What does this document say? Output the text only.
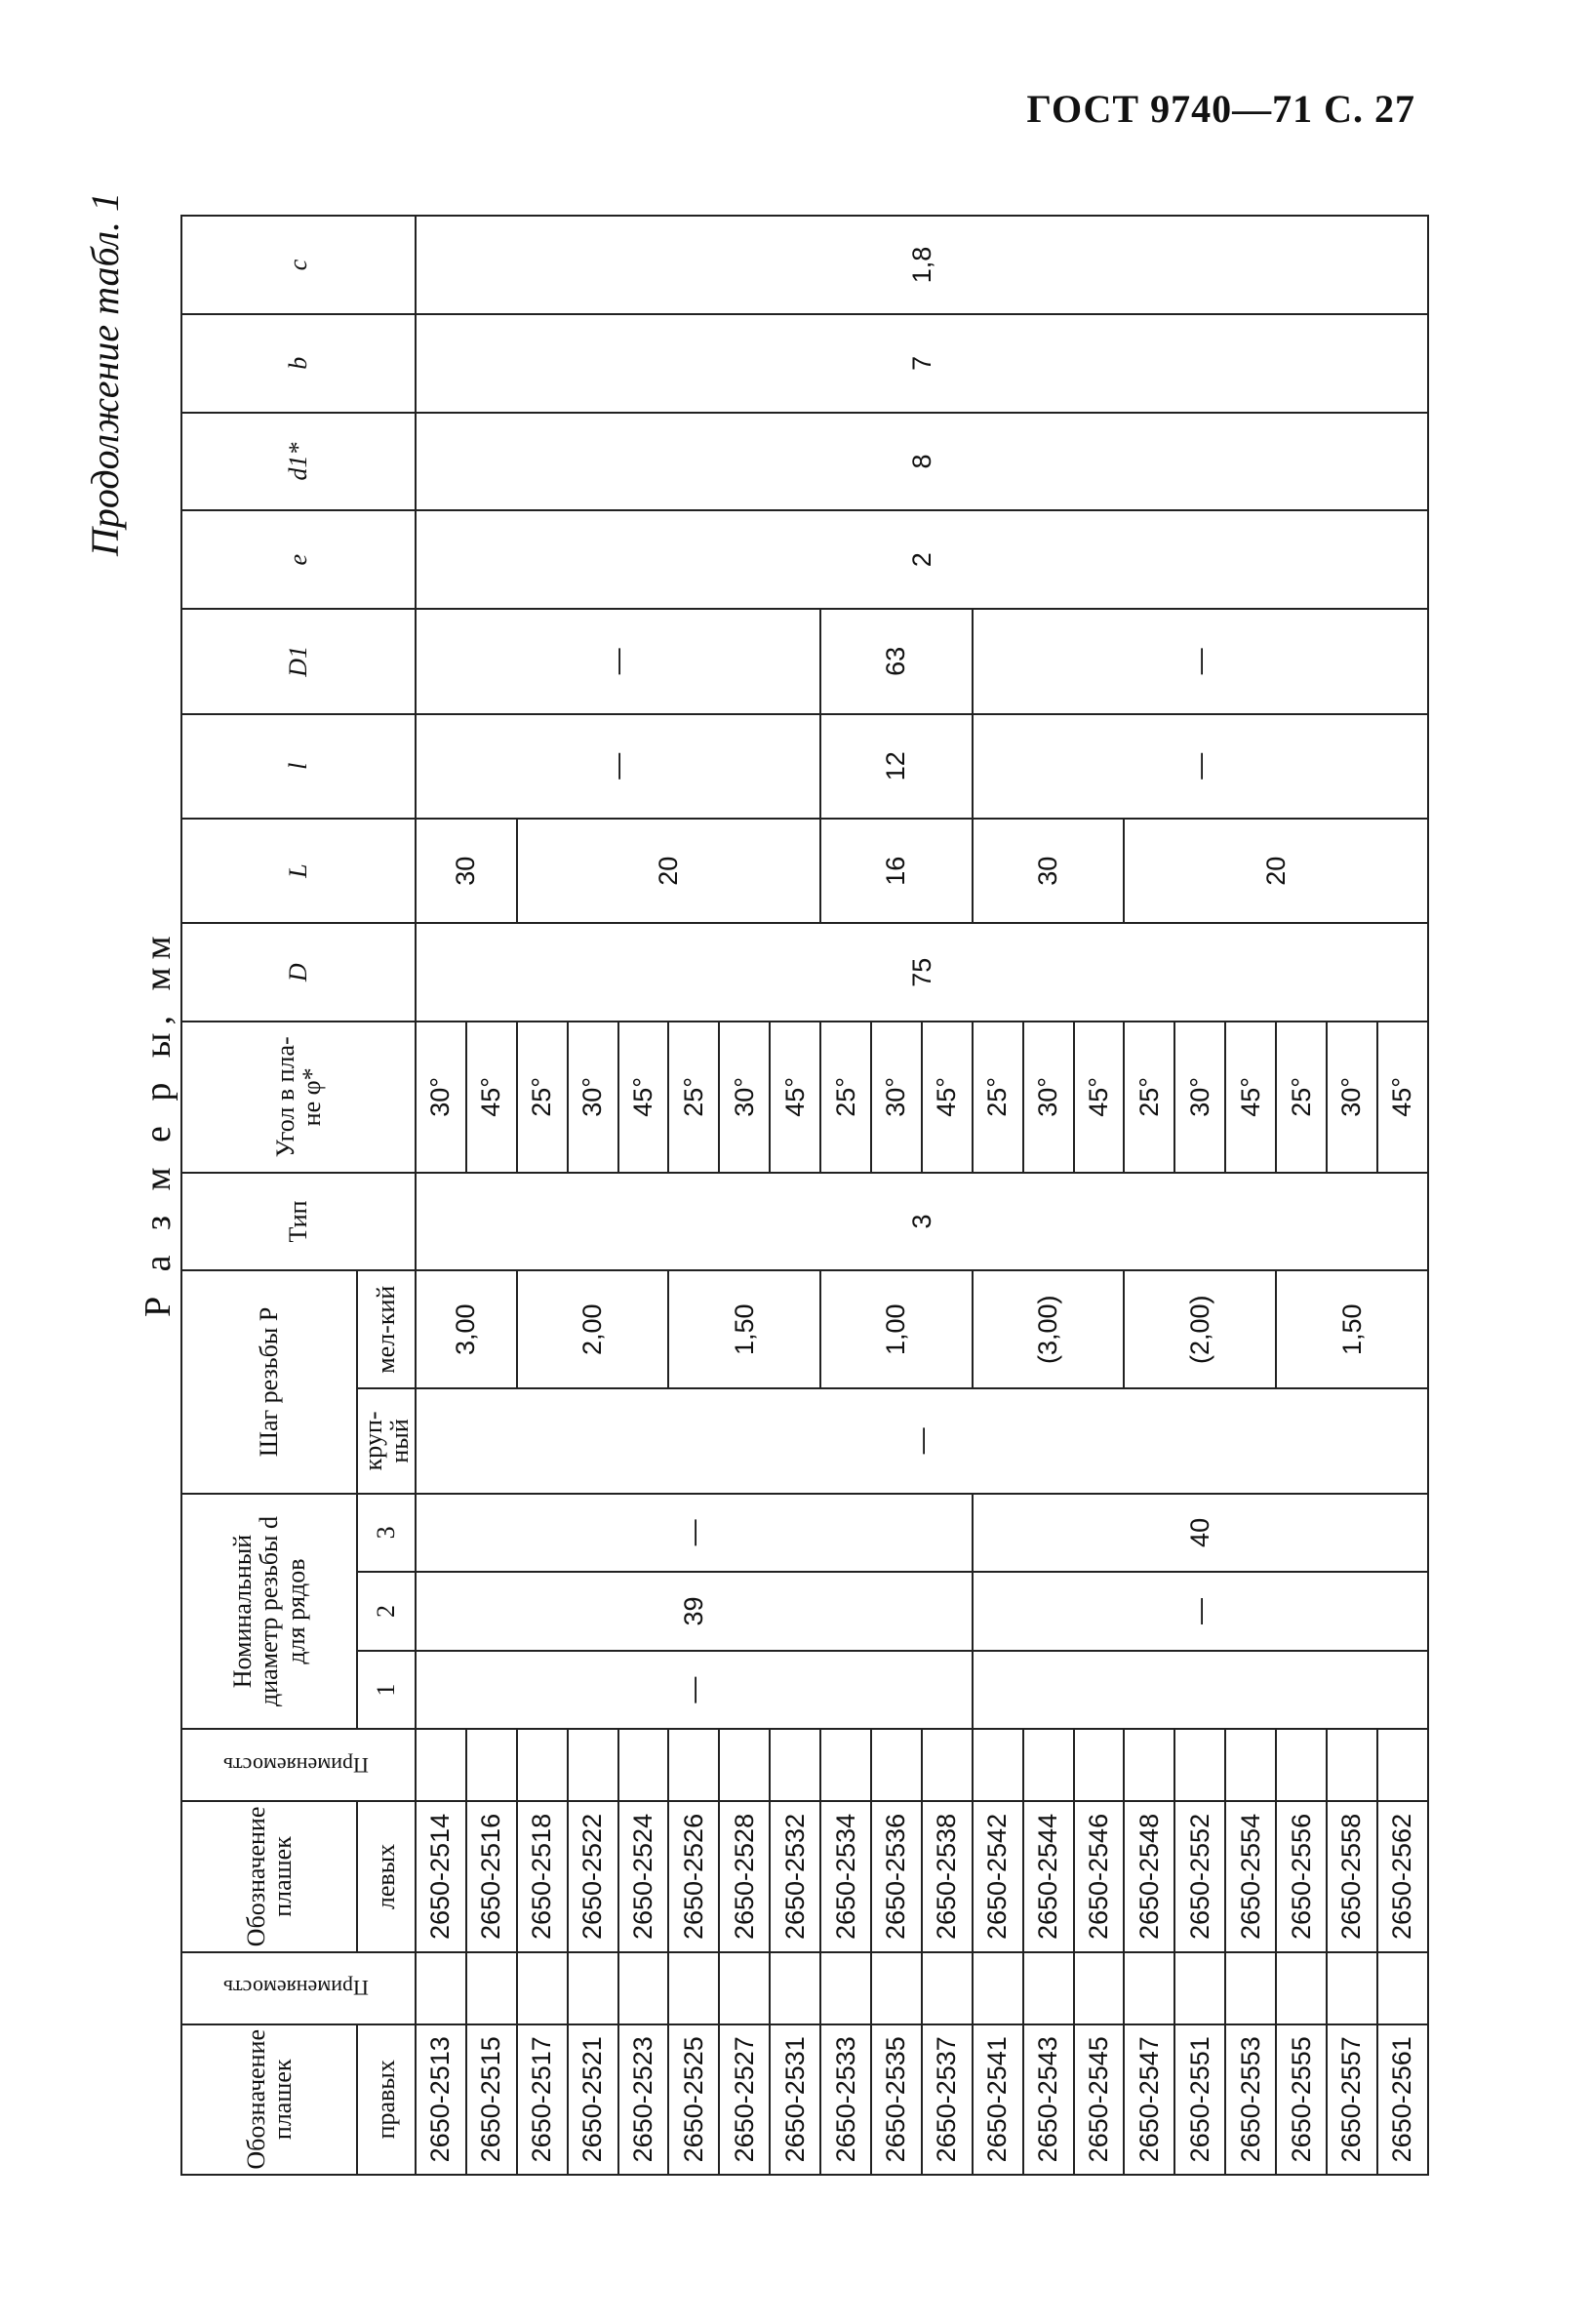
ГОСТ 9740—71 С. 27
Продолжение табл. 1
Р а з м е р ы, мм
Обозначение плашек	Применяемость	Обозначение плашек	Применяемость	Номинальный диаметр резьбы d для рядов			Шаг резьбы P		Тип	Угол в пла-не φ*	D	L	l	D1	e	d1*	b	c
правых		левых		1	2	3	круп-ный	мел-кий										
2650-2513		2650-2514		—	39	—	—	3,00	3	30°	75	30	—	—	2	8	7	1,8
2650-2515		2650-2516								45°								
2650-2517		2650-2518						2,00		25°		20						
2650-2521		2650-2522								30°								
2650-2523		2650-2524								45°								
2650-2525		2650-2526						1,50		25°								
2650-2527		2650-2528								30°								
2650-2531		2650-2532								45°								
2650-2533		2650-2534						1,00		25°		16	12	63				
2650-2535		2650-2536								30°								
2650-2537		2650-2538								45°								
2650-2541		2650-2542			—	40		(3,00)		25°		30	—	—				
2650-2543		2650-2544								30°								
2650-2545		2650-2546								45°								
2650-2547		2650-2548						(2,00)		25°		20						
2650-2551		2650-2552								30°								
2650-2553		2650-2554								45°								
2650-2555		2650-2556						1,50		25°								
2650-2557		2650-2558								30°								
2650-2561		2650-2562								45°								
